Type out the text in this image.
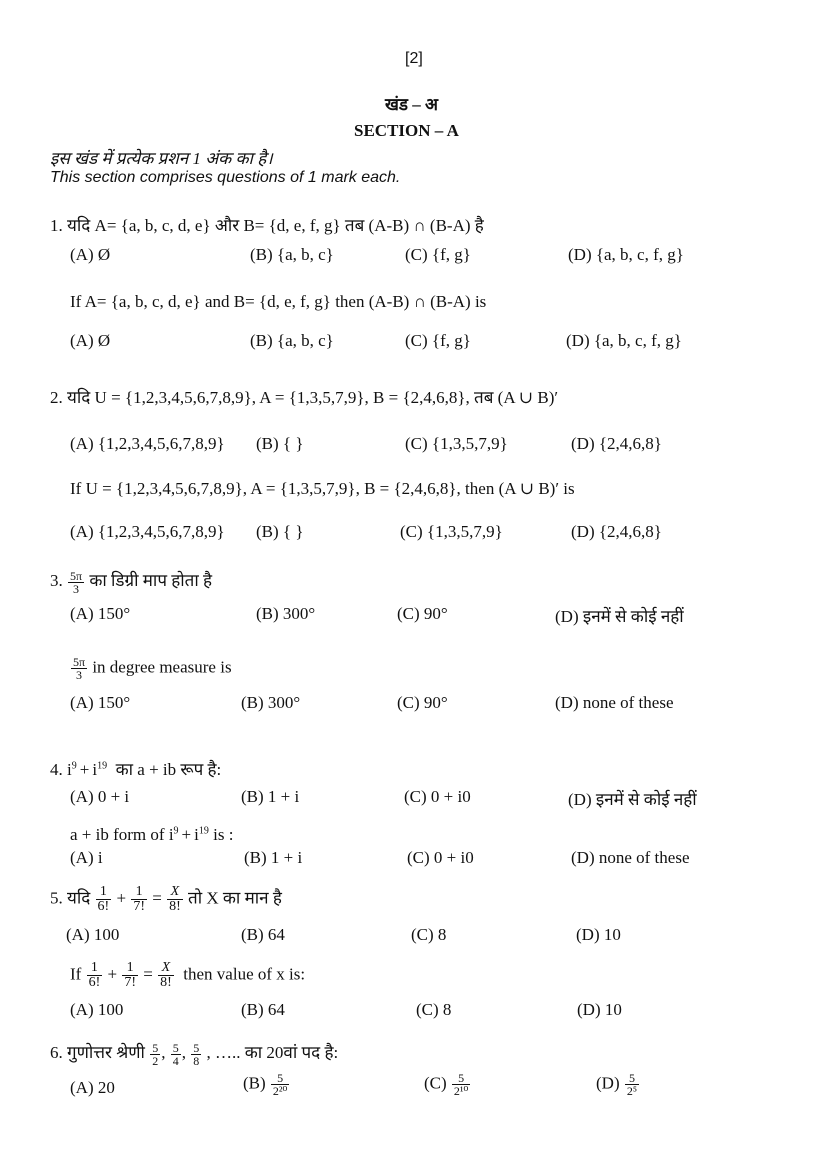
[2]
खंड – अ
SECTION – A
इस खंड में प्रत्येक प्रशन 1 अंक का है।
This section comprises questions of 1 mark each.
1. यदि A= {a, b, c, d, e} और B= {d, e, f, g} तब (A-B) ∩ (B-A) है
(A) Ø	(B) {a, b, c}	(C) {f, g}	(D) {a, b, c, f, g}
If A= {a, b, c, d, e} and B= {d, e, f, g} then (A-B) ∩ (B-A) is
(A) Ø	(B) {a, b, c}	(C) {f, g}	(D) {a, b, c, f, g}
2. यदि U = {1,2,3,4,5,6,7,8,9}, A = {1,3,5,7,9}, B = {2,4,6,8}, तब (A ∪ B)′
(A) {1,2,3,4,5,6,7,8,9} (B) { }	(C) {1,3,5,7,9}	(D) {2,4,6,8}
If U = {1,2,3,4,5,6,7,8,9}, A = {1,3,5,7,9}, B = {2,4,6,8}, then (A ∪ B)′ is
(A) {1,2,3,4,5,6,7,8,9} (B) { }	(C) {1,3,5,7,9}	(D) {2,4,6,8}
3. $\frac{5\pi}{3}$ का डिग्री माप होता है
(A) 150°	(B) 300°	(C) 90°	(D) इनमें से कोई नहीं
$\frac{5\pi}{3}$ in degree measure is
(A) 150°	(B) 300°	(C) 90°	(D) none of these
4. $i^9 + i^{19}$ का a + ib रूप है:
(A) 0 + i	(B) 1 + i	(C) 0 + i0	(D) इनमें से कोई नहीं
a + ib form of $i^9 + i^{19}$ is :
(A) i	(B) 1 + i	(C) 0 + i0	(D) none of these
5. यदि $\frac{1}{6!} + \frac{1}{7!} = \frac{X}{8!}$ तो X का मान है
(A) 100	(B) 64	(C) 8	(D) 10
If $\frac{1}{6!} + \frac{1}{7!} = \frac{X}{8!}$ then value of x is:
(A) 100	(B) 64	(C) 8	(D) 10
6. गुणोत्तर श्रेणी $\frac{5}{2}$ , $\frac{5}{4}$ , $\frac{5}{8}$ , ….. का 20वां पद है:
(A) 20	$(B) \frac{5}{\text{2²⁰}}$	$(C) \frac{5}{\text{2¹⁰}}$	$(D) \frac{5}{\text{2⁵}}$
